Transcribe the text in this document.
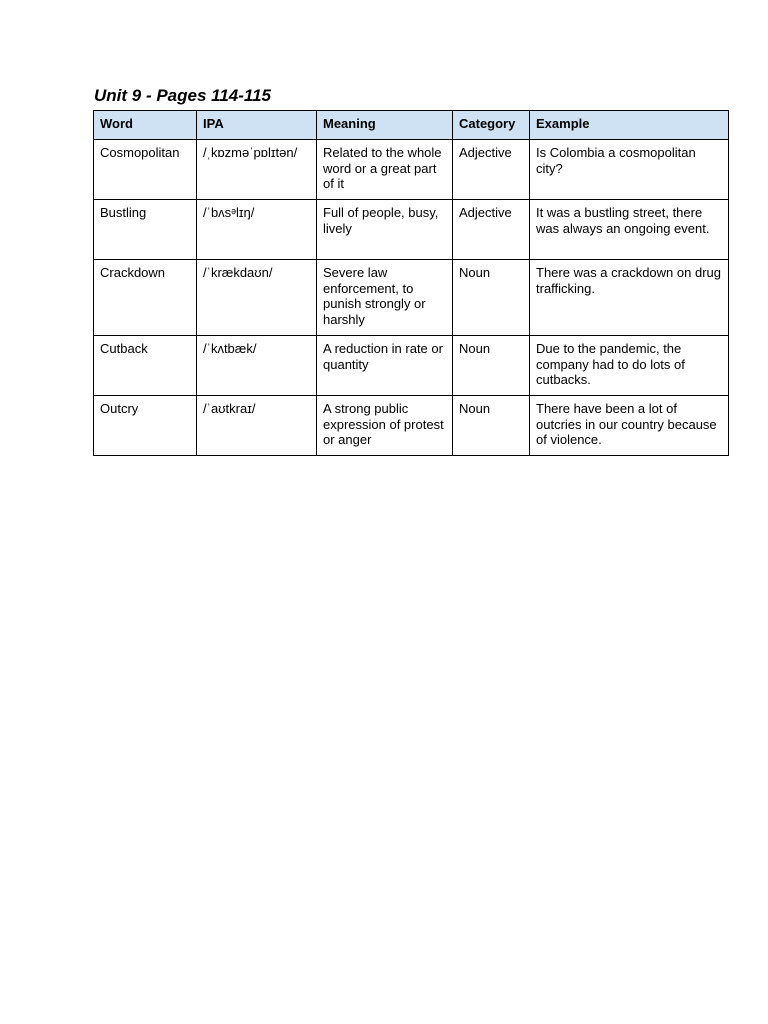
Unit 9 - Pages 114-115
Word	IPA	Meaning	Category	Example

Cosmopolitan	/ˌkɒzməˈpɒlɪtən/	Related to the whole word or a great part of it	Adjective	Is Colombia a cosmopolitan city?

Bustling	/ˈbʌsᵊlɪŋ/	Full of people, busy, lively	Adjective	It was a bustling street, there was always an ongoing event.

Crackdown	/ˈkrækdaʊn/	Severe law enforcement, to punish strongly or harshly	Noun	There was a crackdown on drug trafficking.

Cutback	/ˈkʌtbæk/	A reduction in rate or quantity	Noun	Due to the pandemic, the company had to do lots of cutbacks.

Outcry	/ˈaʊtkraɪ/	A strong public expression of protest or anger	Noun	There have been a lot of outcries in our country because of violence.
